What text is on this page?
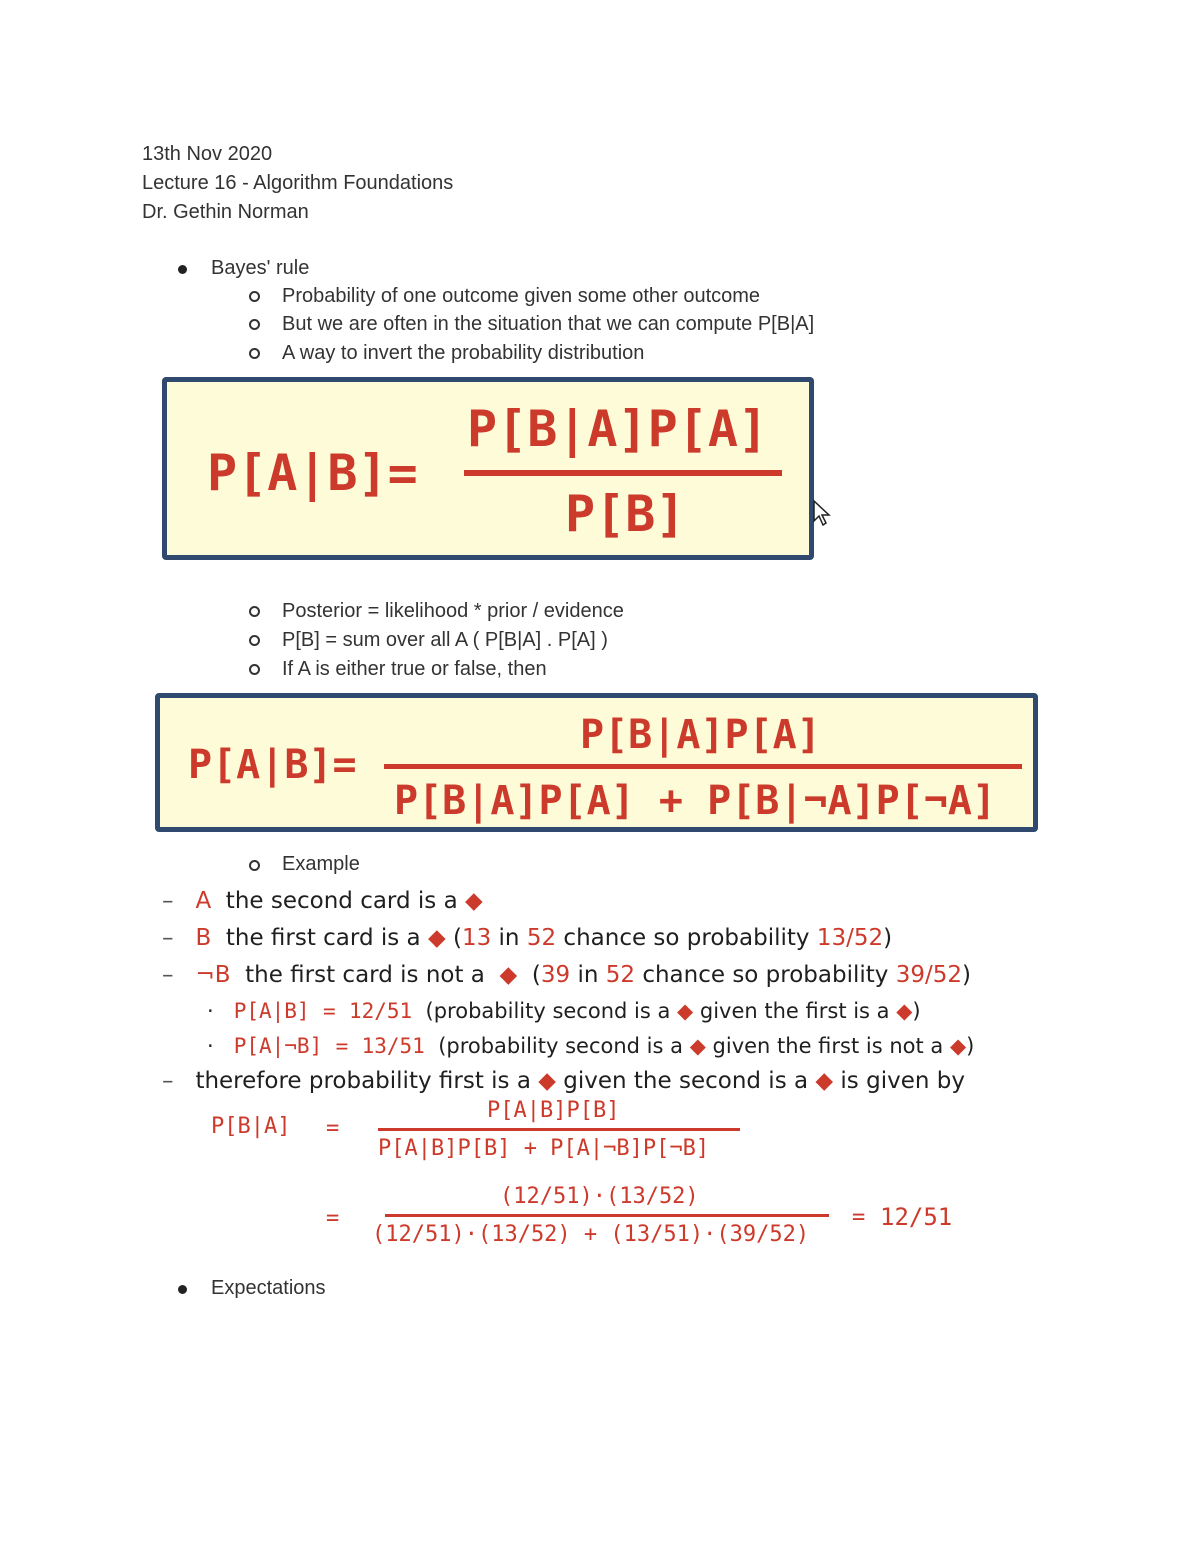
13th Nov 2020
Lecture 16 - Algorithm Foundations
Dr. Gethin Norman
Bayes' rule
Probability of one outcome given some other outcome
But we are often in the situation that we can compute P[B|A]
A way to invert the probability distribution
P[A|B]=
P[B|A]P[A]
P[B]
Posterior = likelihood * prior / evidence
P[B] = sum over all A ( P[B|A] . P[A] )
If A is either true or false, then
P[A|B]=
P[B|A]P[A]
P[B|A]P[A] + P[B|¬A]P[¬A]
Example
– A the second card is a ◆
– B the first card is a ◆ (13 in 52 chance so probability 13/52)
– ¬B the first card is not a ◆ (39 in 52 chance so probability 39/52)
· P[A|B] = 12/51 (probability second is a ◆ given the first is a ◆)
· P[A|¬B] = 13/51 (probability second is a ◆ given the first is not a ◆)
– therefore probability first is a ◆ given the second is a ◆ is given by
P[B|A] =
P[A|B]P[B]
P[A|B]P[B] + P[A|¬B]P[¬B]
=
(12/51)·(13/52)
(12/51)·(13/52) + (13/51)·(39/52)
= 12/51
Expectations
